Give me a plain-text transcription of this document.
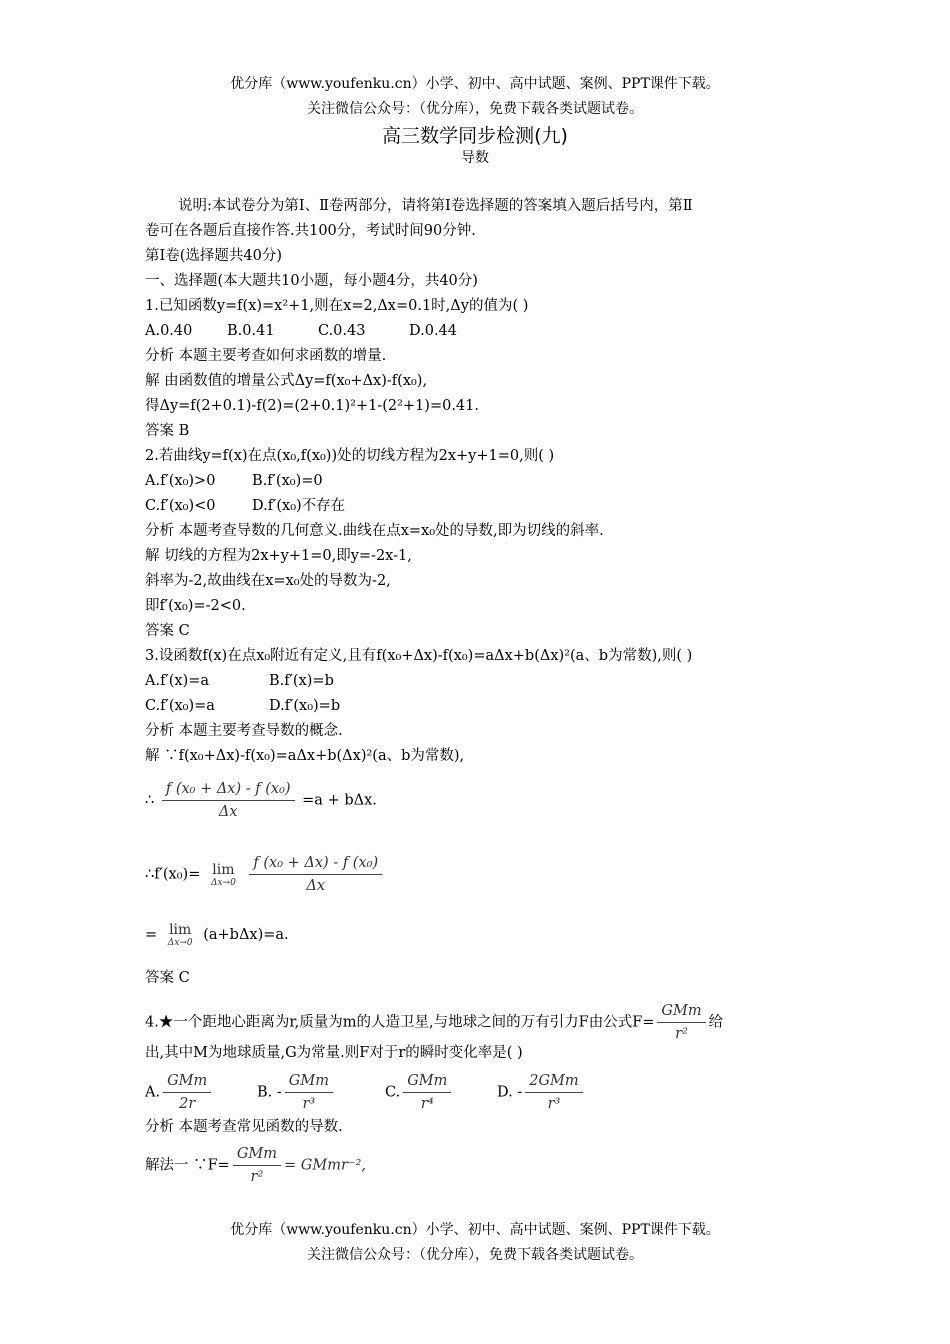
优分库（www.youfenku.cn）小学、初中、高中试题、案例、PPT课件下载。
关注微信公众号：（优分库），免费下载各类试题试卷。
高三数学同步检测(九)
导数
说明:本试卷分为第Ⅰ、Ⅱ卷两部分，请将第Ⅰ卷选择题的答案填入题后括号内，第Ⅱ
卷可在各题后直接作答.共100分，考试时间90分钟.
第Ⅰ卷(选择题共40分)
一、选择题(本大题共10小题，每小题4分，共40分)
1.已知函数y=f(x)=x²+1,则在x=2,Δx=0.1时,Δy的值为( )
A.0.40 B.0.41	C.0.43	D.0.44
分析 本题主要考查如何求函数的增量.
解 由函数值的增量公式Δy=f(x₀+Δx)-f(x₀),
得Δy=f(2+0.1)-f(2)=(2+0.1)²+1-(2²+1)=0.41.
答案 B
2.若曲线y=f(x)在点(x₀,f(x₀))处的切线方程为2x+y+1=0,则( )
A.f′(x₀)>0	B.f′(x₀)=0
C.f′(x₀)<0	D.f′(x₀)不存在
分析 本题考查导数的几何意义.曲线在点x=x₀处的导数,即为切线的斜率.
解 切线的方程为2x+y+1=0,即y=-2x-1,
斜率为-2,故曲线在x=x₀处的导数为-2,
即f′(x₀)=-2<0.
答案 C
3.设函数f(x)在点x₀附近有定义,且有f(x₀+Δx)-f(x₀)=aΔx+b(Δx)²(a、b为常数),则( )
A.f′(x)=a	B.f′(x)=b
C.f′(x₀)=a	D.f′(x₀)=b
分析 本题主要考查导数的概念.
解 ∵f(x₀+Δx)-f(x₀)=aΔx+b(Δx)²(a、b为常数),
∴ $\frac{\text{f (x₀ + Δx) - f (x₀)}}{\Delta x} =a + b\Delta x$.
∴f′(x₀)= lim
Δx→0
$\frac{\text{f (x₀ + Δx) - f (x₀)}}{\Delta x}$
= lim
Δx→0 (a+bΔx)=a.
答案 C
4.★一个距地心距离为r,质量为m的人造卫星,与地球之间的万有引力F由公式$F= \frac{\text{GMm}}{\text{r²}}$ 给
出,其中M为地球质量,G为常量.则F对于r的瞬时变化率是( )
A. $\frac{\text{GMm}}{2r}$	B. - $\frac{\text{GMm}}{\text{r³}}$	C. $\frac{\text{GMm}}{\text{r⁴}}$	D. - $\frac{\text{2GMm}}{\text{r³}}$
分析 本题考查常见函数的导数.
解法一 ∵F= $\frac{\text{GMm}}{\text{r²}}$ = GMmr⁻²,
优分库（www.youfenku.cn）小学、初中、高中试题、案例、PPT课件下载。
关注微信公众号：（优分库），免费下载各类试题试卷。
